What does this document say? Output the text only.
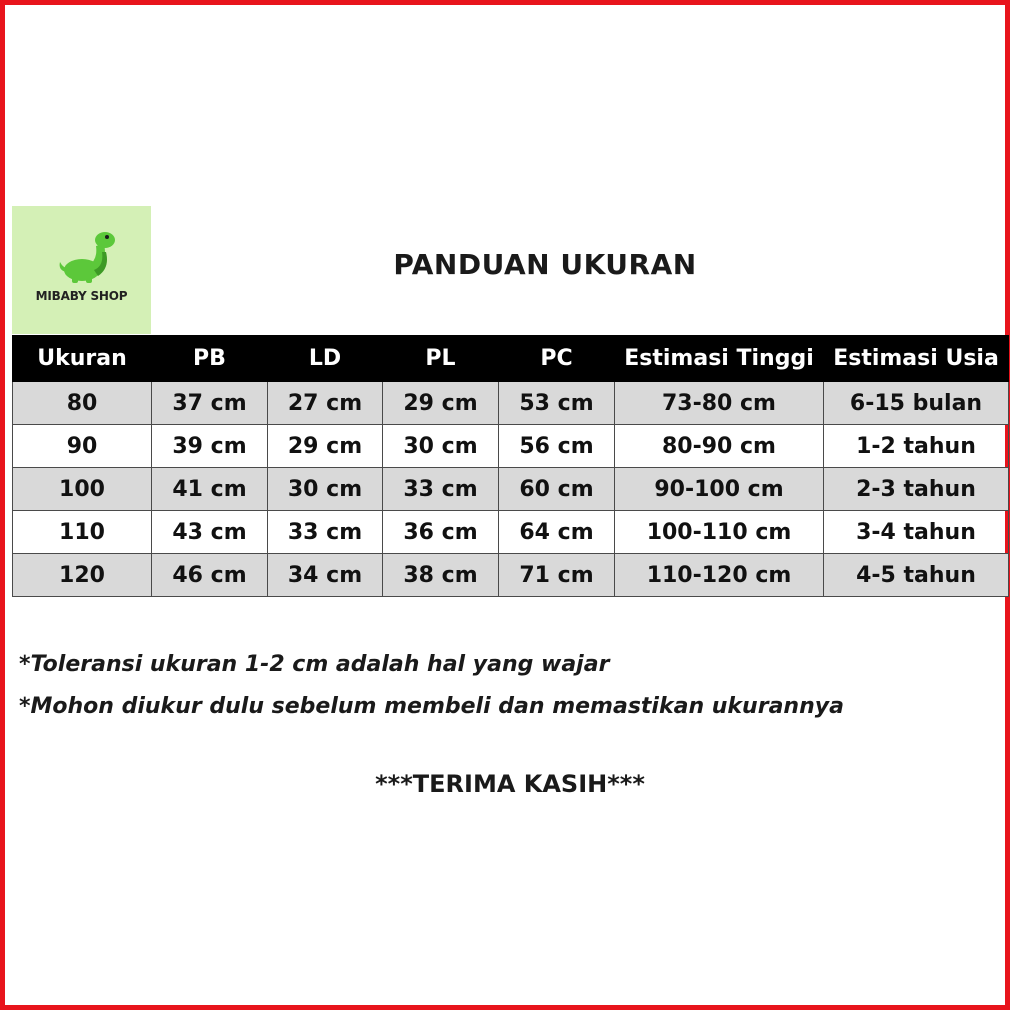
MIBABY SHOP
PANDUAN UKURAN
Ukuran	PB	LD	PL	PC	Estimasi Tinggi	Estimasi Usia
80	37 cm	27 cm	29 cm	53 cm	73-80 cm	6-15 bulan
90	39 cm	29 cm	30 cm	56 cm	80-90 cm	1-2 tahun
100	41 cm	30 cm	33 cm	60 cm	90-100 cm	2-3 tahun
110	43 cm	33 cm	36 cm	64 cm	100-110 cm	3-4 tahun
120	46 cm	34 cm	38 cm	71 cm	110-120 cm	4-5 tahun
*Toleransi ukuran 1-2 cm adalah hal yang wajar
*Mohon diukur dulu sebelum membeli dan memastikan ukurannya
***TERIMA KASIH***
